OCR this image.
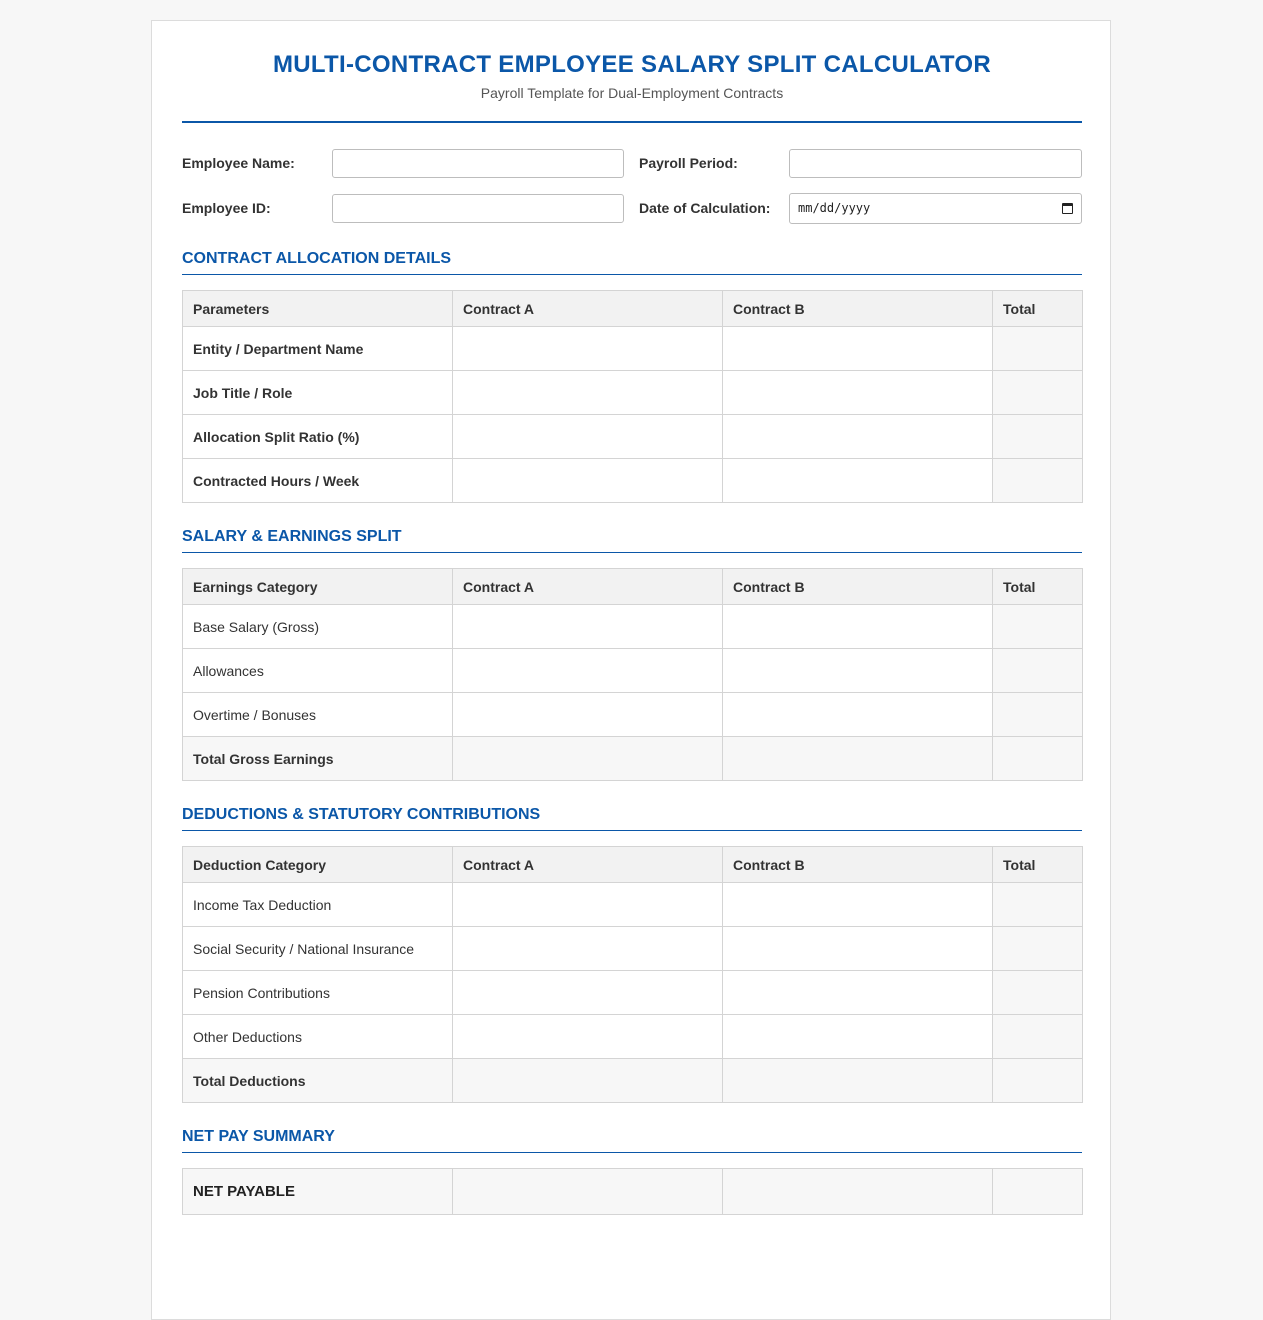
MULTI-CONTRACT EMPLOYEE SALARY SPLIT CALCULATOR
Payroll Template for Dual-Employment Contracts
Employee Name:	Payroll Period:
Employee ID:	Date of Calculation:	mm/dd/yyyy
CONTRACT ALLOCATION DETAILS
Parameters	Contract A	Contract B	Total
Entity / Department Name			
Job Title / Role			
Allocation Split Ratio (%)			
Contracted Hours / Week			
SALARY & EARNINGS SPLIT
Earnings Category	Contract A	Contract B	Total
Base Salary (Gross)			
Allowances			
Overtime / Bonuses			
Total Gross Earnings			
DEDUCTIONS & STATUTORY CONTRIBUTIONS
Deduction Category	Contract A	Contract B	Total
Income Tax Deduction			
Social Security / National Insurance			
Pension Contributions			
Other Deductions			
Total Deductions			
NET PAY SUMMARY
NET PAYABLE			
